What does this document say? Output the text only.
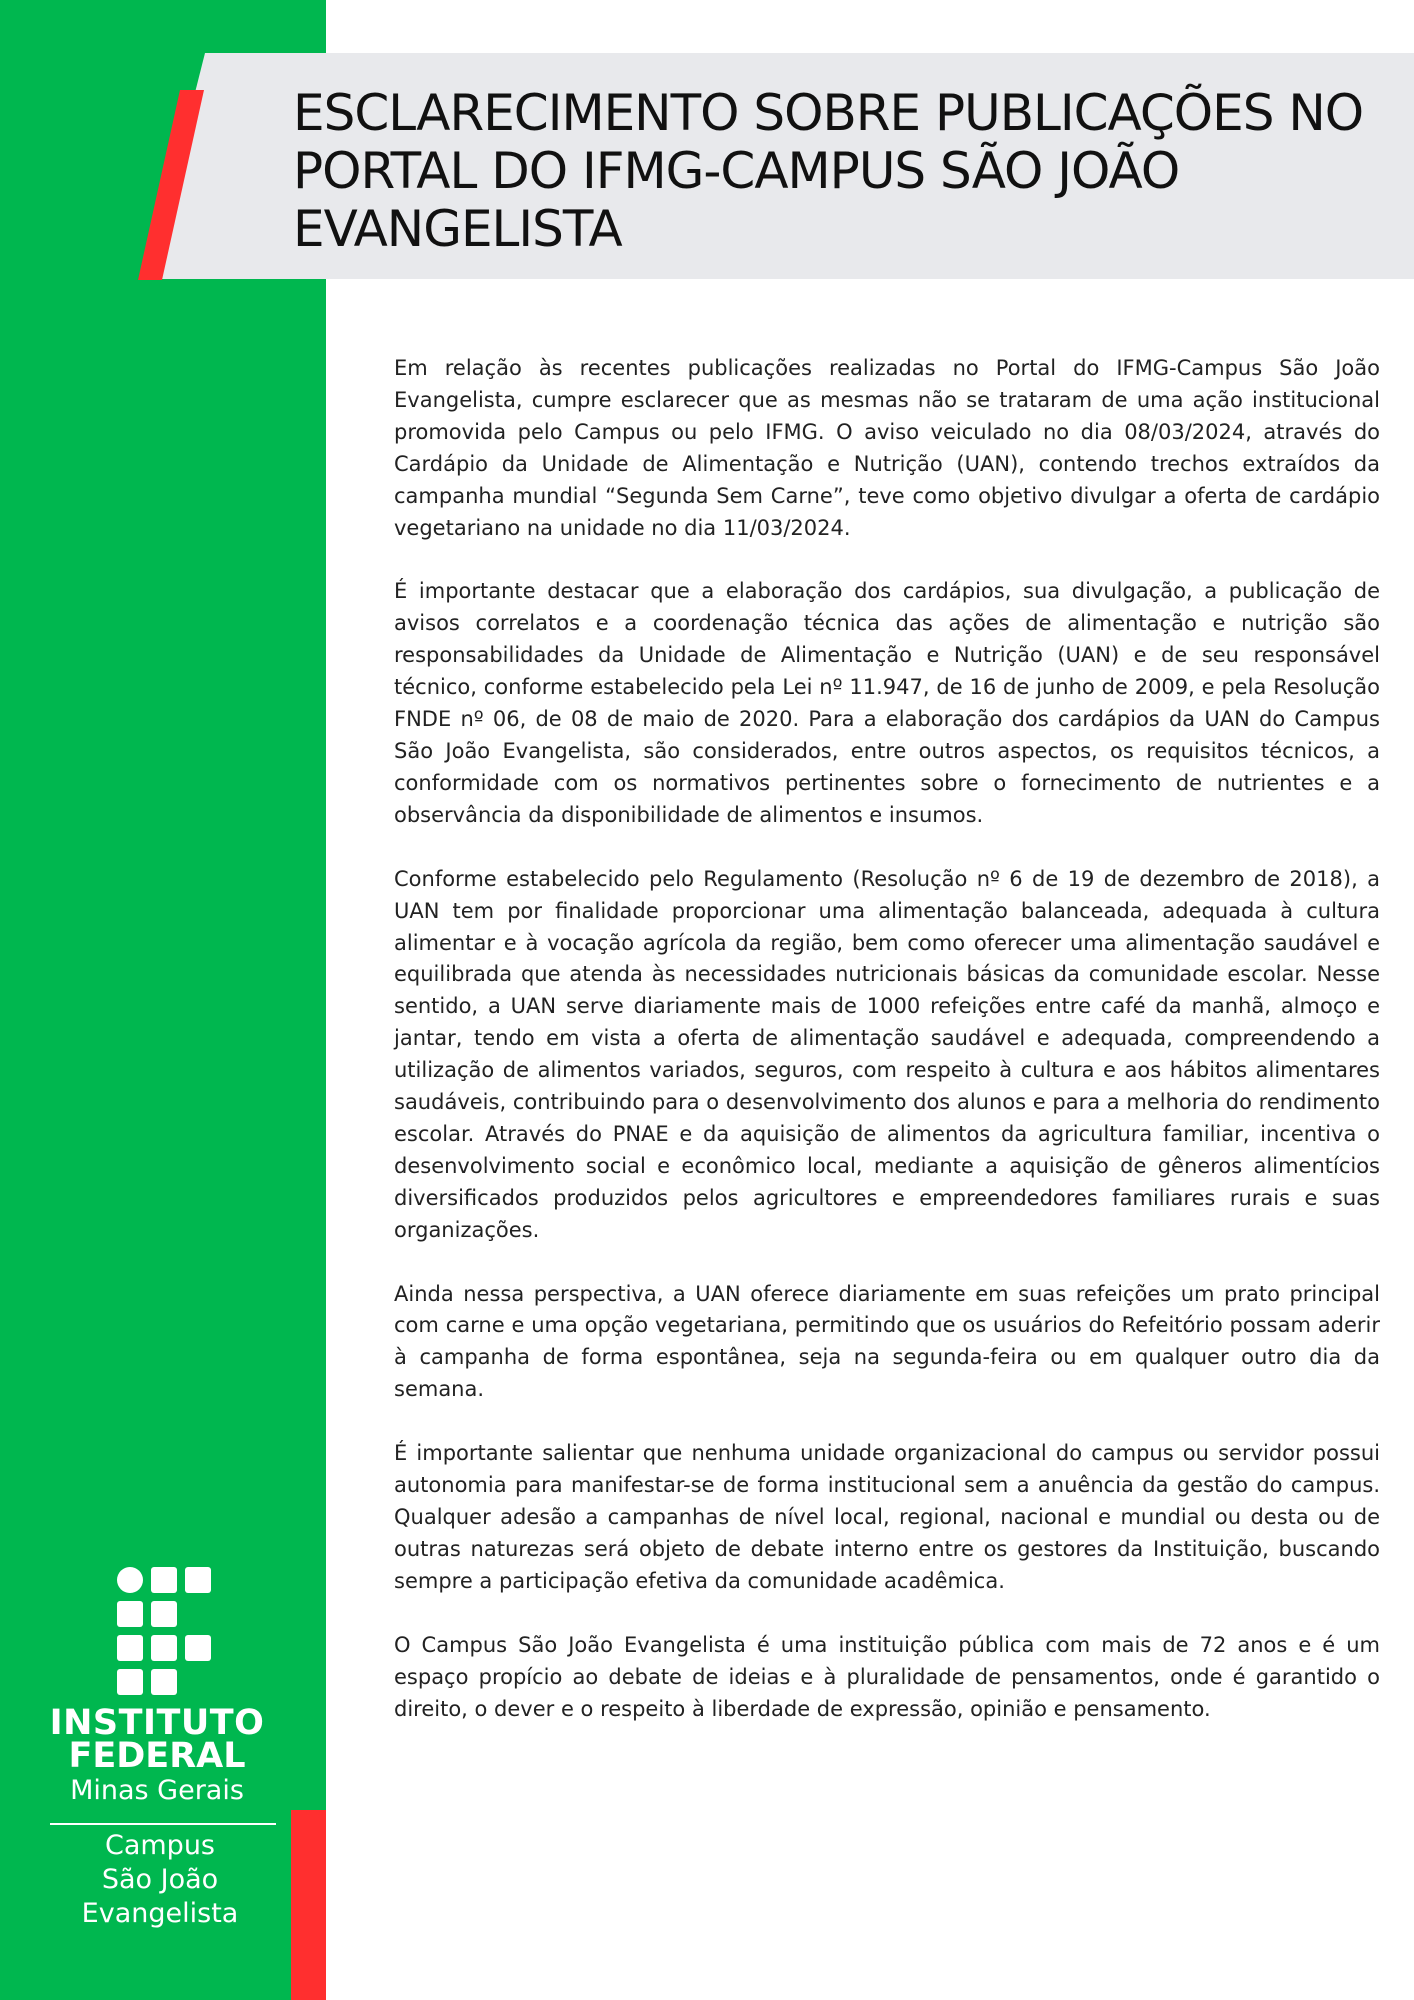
ESCLARECIMENTO SOBRE PUBLICAÇÕES NO PORTAL DO IFMG-CAMPUS SÃO JOÃO EVANGELISTA

Em relação às recentes publicações realizadas no Portal do IFMG-Campus São João Evangelista, cumpre esclarecer que as mesmas não se trataram de uma ação institucional promovida pelo Campus ou pelo IFMG. O aviso veiculado no dia 08/03/2024, através do Cardápio da Unidade de Alimentação e Nutrição (UAN), contendo trechos extraídos da campanha mundial “Segunda Sem Carne”, teve como objetivo divulgar a oferta de cardápio vegetariano na unidade no dia 11/03/2024.

É importante destacar que a elaboração dos cardápios, sua divulgação, a publicação de avisos correlatos e a coordenação técnica das ações de alimentação e nutrição são responsabilidades da Unidade de Alimentação e Nutrição (UAN) e de seu responsável técnico, conforme estabelecido pela Lei nº 11.947, de 16 de junho de 2009, e pela Resolução FNDE nº 06, de 08 de maio de 2020. Para a elaboração dos cardápios da UAN do Campus São João Evangelista, são considerados, entre outros aspectos, os requisitos técnicos, a conformidade com os normativos pertinentes sobre o fornecimento de nutrientes e a observância da disponibilidade de alimentos e insumos.

Conforme estabelecido pelo Regulamento (Resolução nº 6 de 19 de dezembro de 2018), a UAN tem por finalidade proporcionar uma alimentação balanceada, adequada à cultura alimentar e à vocação agrícola da região, bem como oferecer uma alimentação saudável e equilibrada que atenda às necessidades nutricionais básicas da comunidade escolar. Nesse sentido, a UAN serve diariamente mais de 1000 refeições entre café da manhã, almoço e jantar, tendo em vista a oferta de alimentação saudável e adequada, compreendendo a utilização de alimentos variados, seguros, com respeito à cultura e aos hábitos alimentares saudáveis, contribuindo para o desenvolvimento dos alunos e para a melhoria do rendimento escolar. Através do PNAE e da aquisição de alimentos da agricultura familiar, incentiva o desenvolvimento social e econômico local, mediante a aquisição de gêneros alimentícios diversificados produzidos pelos agricultores e empreendedores familiares rurais e suas organizações.

Ainda nessa perspectiva, a UAN oferece diariamente em suas refeições um prato principal com carne e uma opção vegetariana, permitindo que os usuários do Refeitório possam aderir à campanha de forma espontânea, seja na segunda-feira ou em qualquer outro dia da semana.

É importante salientar que nenhuma unidade organizacional do campus ou servidor possui autonomia para manifestar-se de forma institucional sem a anuência da gestão do campus. Qualquer adesão a campanhas de nível local, regional, nacional e mundial ou desta ou de outras naturezas será objeto de debate interno entre os gestores da Instituição, buscando sempre a participação efetiva da comunidade acadêmica.

O Campus São João Evangelista é uma instituição pública com mais de 72 anos e é um espaço propício ao debate de ideias e à pluralidade de pensamentos, onde é garantido o direito, o dever e o respeito à liberdade de expressão, opinião e pensamento.

INSTITUTO
FEDERAL
Minas Gerais
Campus
São João
Evangelista
